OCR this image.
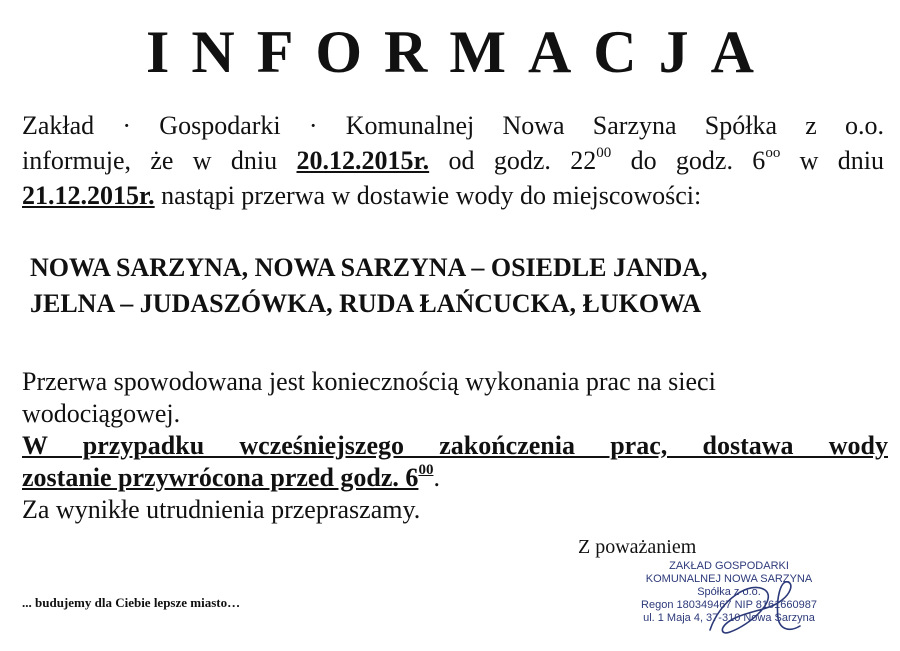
INFORMACJA
Zakład · Gospodarki · Komunalnej Nowa Sarzyna Spółka z o.o.
informuje, że w dniu 20.12.2015r. od godz. $22^{00}$ do godz. $6^{oo}$ w dniu
21.12.2015r. nastąpi przerwa w dostawie wody do miejscowości:
NOWA SARZYNA, NOWA SARZYNA – OSIEDLE JANDA,
JELNA – JUDASZÓWKA, RUDA ŁAŃCUCKA, ŁUKOWA
Przerwa spowodowana jest koniecznością wykonania prac na sieci
wodociągowej.
W przypadku wcześniejszego zakończenia prac, dostawa wody
zostanie przywrócona przed godz. $6^{00}$.
Za wynikłe utrudnienia przepraszamy.
Z poważaniem
ZAKŁAD GOSPODARKI
KOMUNALNEJ NOWA SARZYNA
Spółka z o.o.
Regon 180349467 NIP 8161660987
ul. 1 Maja 4, 37-310 Nowa Sarzyna
... budujemy dla Ciebie lepsze miasto…
